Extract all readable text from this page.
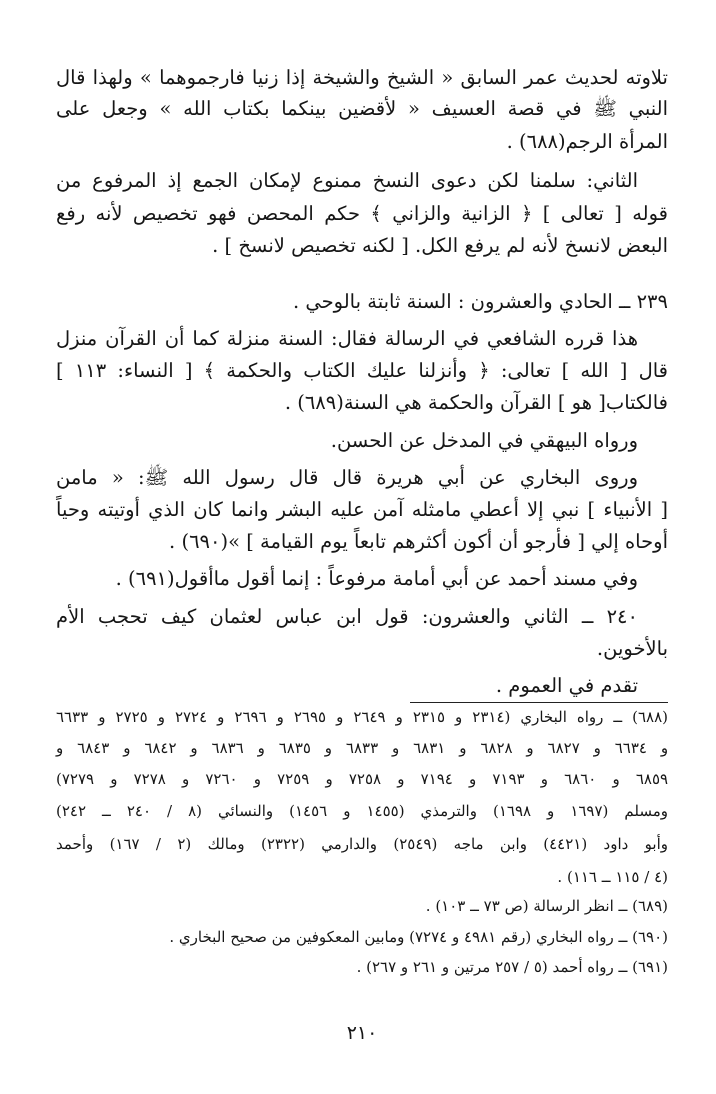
تلاوته لحديث عمر السابق « الشيخ والشيخة إذا زنيا فارجموهما » ولهذا قال
النبي ﷺ في قصة العسيف « لأقضين بينكما بكتاب الله » وجعل على
المرأة الرجم(٦٨٨) .
الثاني: سلمنا لكن دعوى النسخ ممنوع لإمكان الجمع إذ المرفوع من
قوله [ تعالى ] ﴿ الزانية والزاني ﴾ حكم المحصن فهو تخصيص لأنه رفع
البعض لانسخ لأنه لم يرفع الكل. [ لكنه تخصيص لانسخ ] .
٢٣٩ ــ الحادي والعشرون : السنة ثابتة بالوحي .
هذا قرره الشافعي في الرسالة فقال: السنة منزلة كما أن القرآن منزل
قال [ الله ] تعالى: ﴿ وأنزلنا عليك الكتاب والحكمة ﴾ [ النساء: ١١٣ ]
فالكتاب[ هو ] القرآن والحكمة هي السنة(٦٨٩) .
ورواه البيهقي في المدخل عن الحسن.
وروى البخاري عن أبي هريرة قال قال رسول الله ﷺ: « مامن
[ الأنبياء ] نبي إلا أعطي مامثله آمن عليه البشر وانما كان الذي أوتيته وحياً
أوحاه إلي [ فأرجو أن أكون أكثرهم تابعاً يوم القيامة ] »(٦٩٠) .
وفي مسند أحمد عن أبي أمامة مرفوعاً : إنما أقول ماأقول(٦٩١) .
٢٤٠ ــ الثاني والعشرون: قول ابن عباس لعثمان كيف تحجب الأم
بالأخوين.
تقدم في العموم .
(٦٨٨) ــ رواه البخاري (٢٣١٤ و ٢٣١٥ و ٢٦٤٩ و ٢٦٩٥ و ٢٦٩٦ و ٢٧٢٤ و ٢٧٢٥ و ٦٦٣٣
و ٦٦٣٤ و ٦٨٢٧ و ٦٨٢٨ و ٦٨٣١ و ٦٨٣٣ و ٦٨٣٥ و ٦٨٣٦ و ٦٨٤٢ و ٦٨٤٣ و
٦٨٥٩ و ٦٨٦٠ و ٧١٩٣ و ٧١٩٤ و ٧٢٥٨ و ٧٢٥٩ و ٧٢٦٠ و ٧٢٧٨ و ٧٢٧٩)
ومسلم (١٦٩٧ و ١٦٩٨) والترمذي (١٤٥٥ و ١٤٥٦) والنسائي (٨ / ٢٤٠ ــ ٢٤٢)
وأبو داود (٤٤٢١) وابن ماجه (٢٥٤٩) والدارمي (٢٣٢٢) ومالك (٢ / ١٦٧) وأحمد
(٤ / ١١٥ ــ ١١٦) .
(٦٨٩) ــ انظر الرسالة (ص ٧٣ ــ ١٠٣) .
(٦٩٠) ــ رواه البخاري (رقم ٤٩٨١ و ٧٢٧٤) ومابين المعكوفين من صحيح البخاري .
(٦٩١) ــ رواه أحمد (٥ / ٢٥٧ مرتين و ٢٦١ و ٢٦٧) .
٢١٠
